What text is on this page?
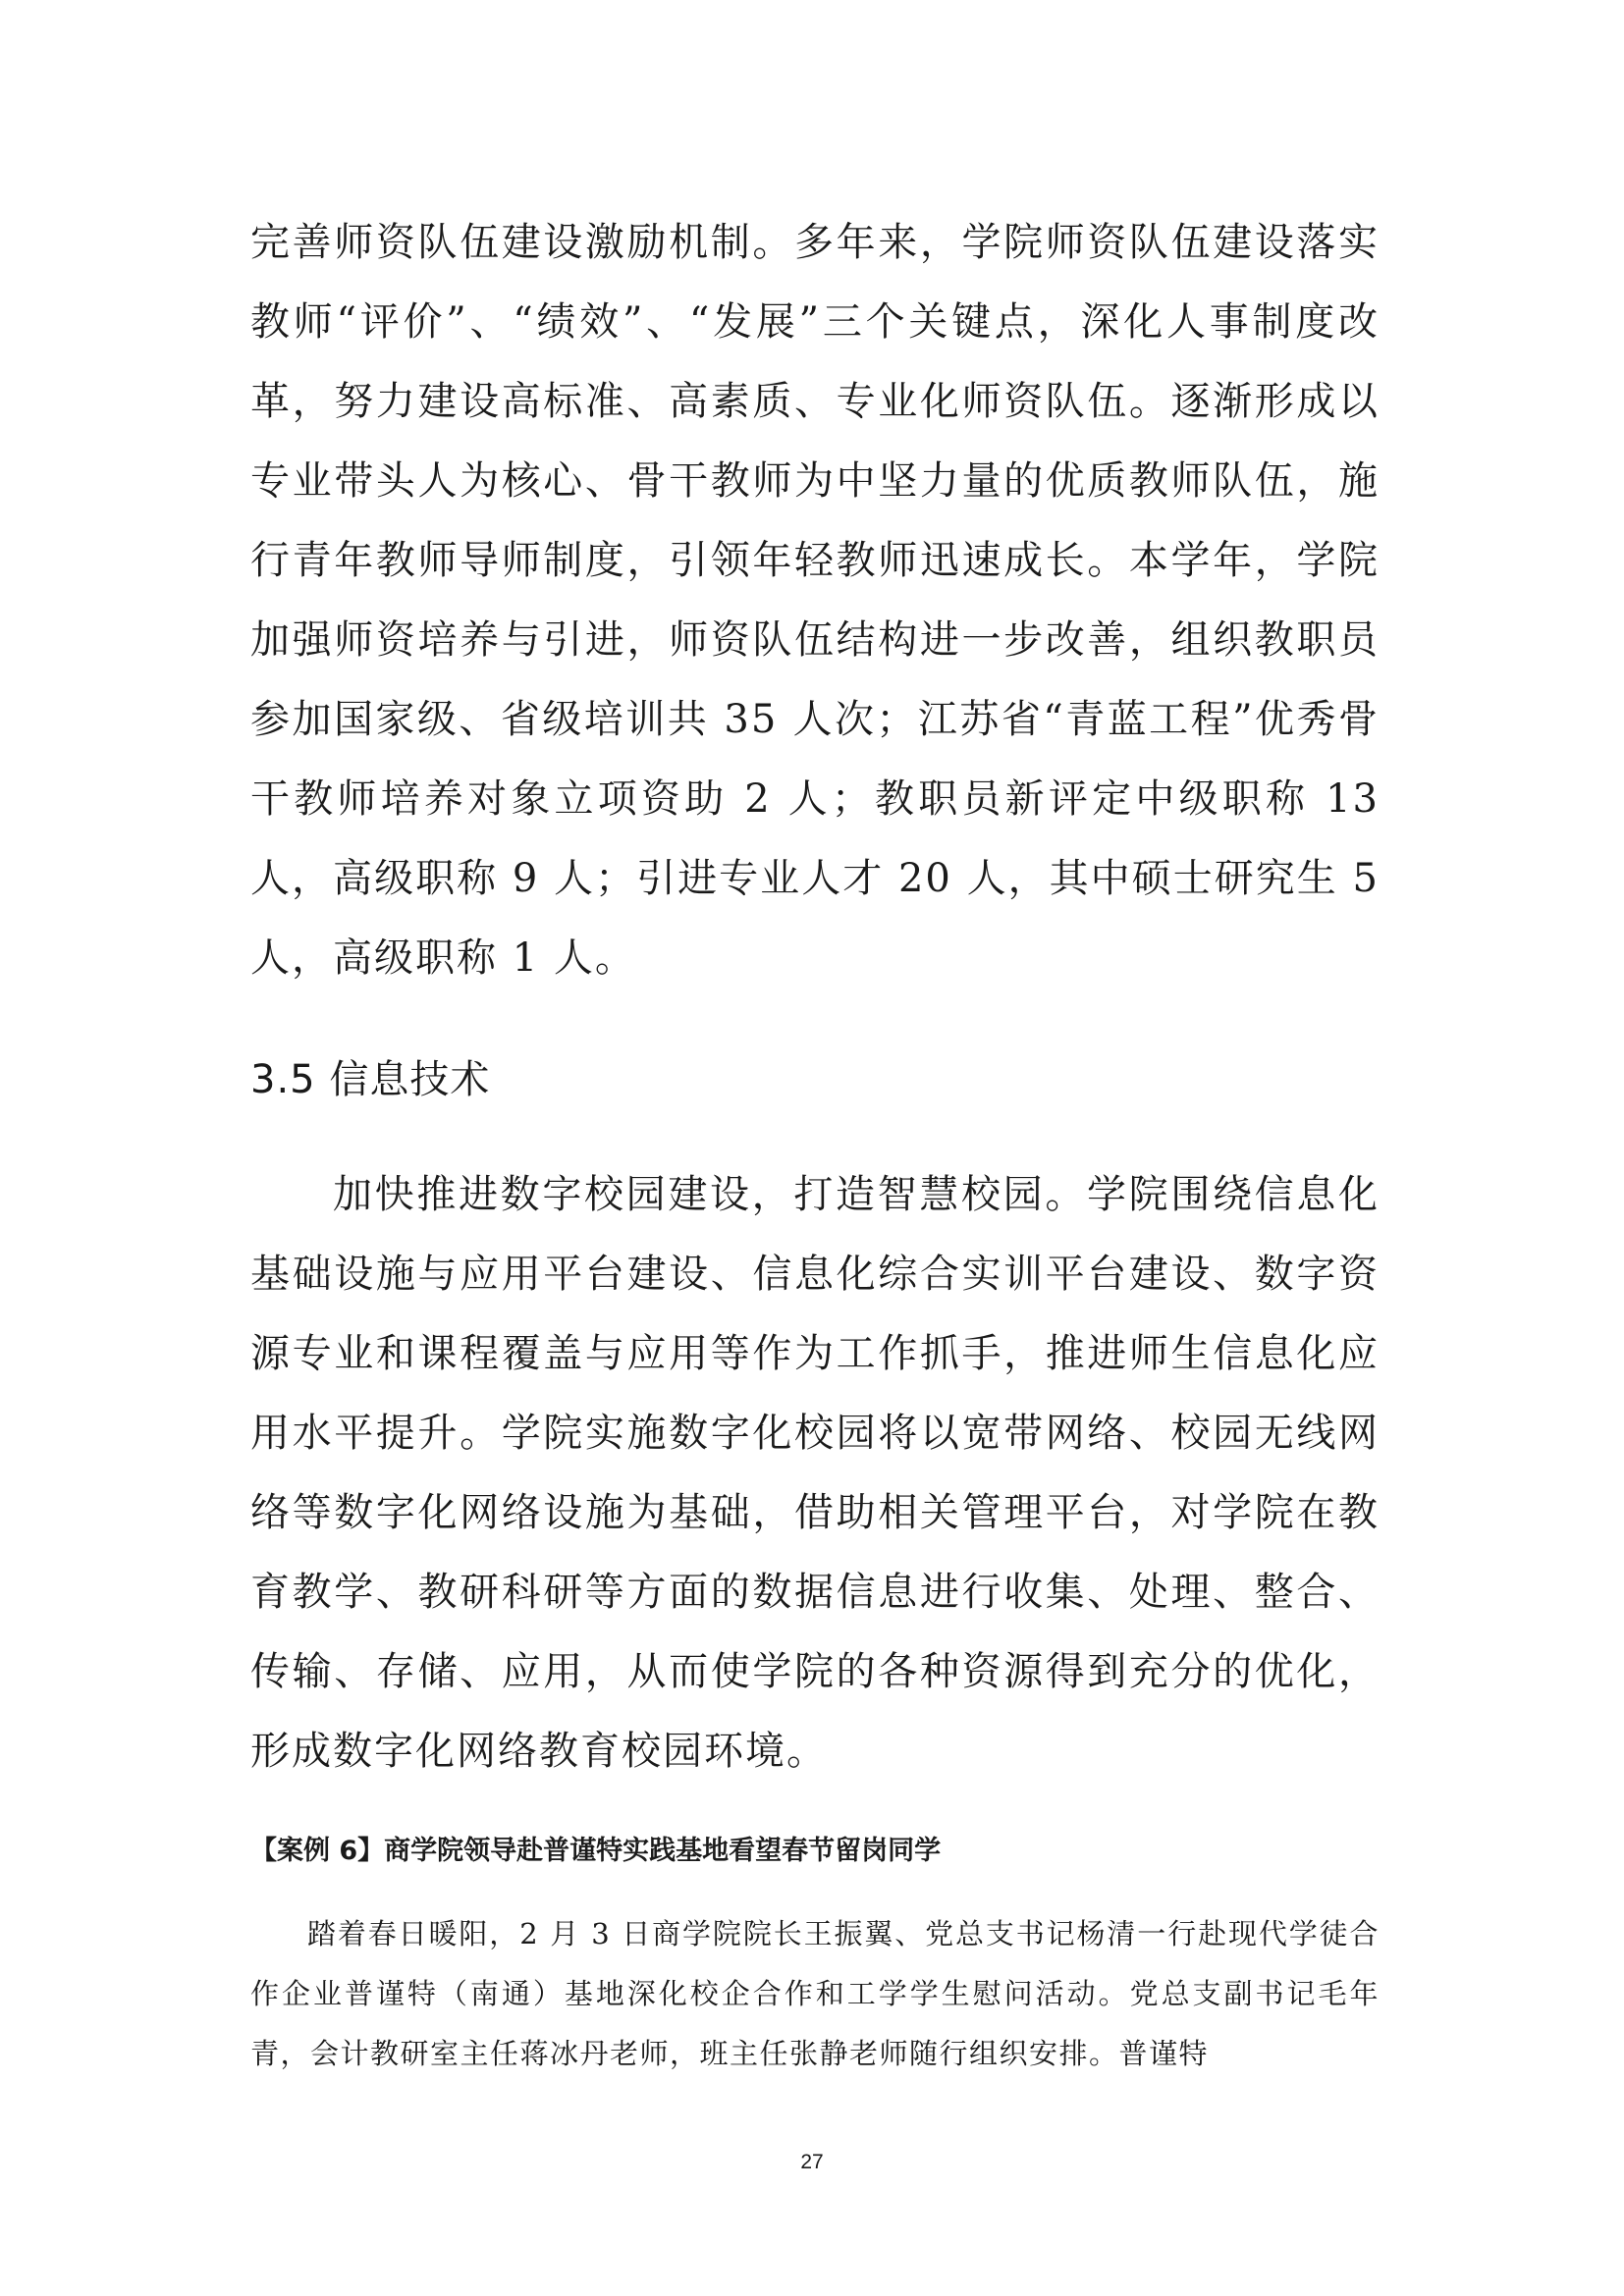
完善师资队伍建设激励机制。多年来，学院师资队伍建设落实教师“评价”、“绩效”、“发展”三个关键点，深化人事制度改革，努力建设高标准、高素质、专业化师资队伍。逐渐形成以专业带头人为核心、骨干教师为中坚力量的优质教师队伍，施行青年教师导师制度，引领年轻教师迅速成长。本学年，学院加强师资培养与引进，师资队伍结构进一步改善，组织教职员参加国家级、省级培训共 35 人次；江苏省“青蓝工程”优秀骨干教师培养对象立项资助 2 人；教职员新评定中级职称 13 人，高级职称 9 人；引进专业人才 20 人，其中硕士研究生 5 人，高级职称 1 人。

3.5 信息技术

加快推进数字校园建设，打造智慧校园。学院围绕信息化基础设施与应用平台建设、信息化综合实训平台建设、数字资源专业和课程覆盖与应用等作为工作抓手，推进师生信息化应用水平提升。学院实施数字化校园将以宽带网络、校园无线网络等数字化网络设施为基础，借助相关管理平台，对学院在教育教学、教研科研等方面的数据信息进行收集、处理、整合、传输、存储、应用，从而使学院的各种资源得到充分的优化，形成数字化网络教育校园环境。

【案例 6】商学院领导赴普谨特实践基地看望春节留岗同学

踏着春日暖阳，2 月 3 日商学院院长王振翼、党总支书记杨清一行赴现代学徒合作企业普谨特（南通）基地深化校企合作和工学学生慰问活动。党总支副书记毛年青，会计教研室主任蒋冰丹老师，班主任张静老师随行组织安排。普谨特

27
